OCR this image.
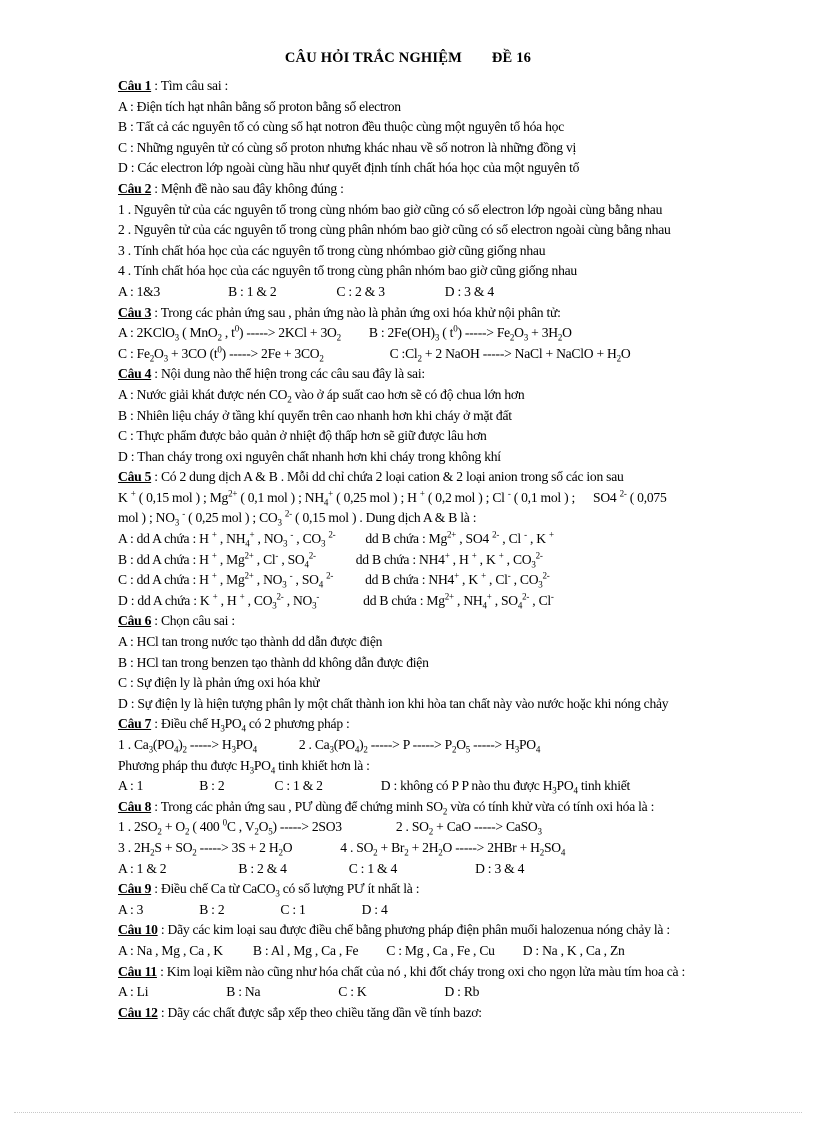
CÂU HỎI TRẮC NGHIỆM ĐỀ 16
Câu 1 : Tìm câu sai :
A : Điện tích hạt nhân bằng số proton bằng số electron
B : Tất cả các nguyên tố có cùng số hạt notron đều thuộc cùng một nguyên tố hóa học
C : Những nguyên tử có cùng số proton nhưng khác nhau về số notron là những đồng vị
D : Các electron lớp ngoài cùng hầu như quyết định tính chất hóa học của một nguyên tố
Câu 2 : Mệnh đề nào sau đây không đúng :
1 . Nguyên tử của các nguyên tố trong cùng nhóm bao giờ cũng có số electron lớp ngoài cùng bằng nhau
2 . Nguyên tử của các nguyên tố trong cùng phân nhóm bao giờ cũng có số electron ngoài cùng bằng nhau
3 . Tính chất hóa học của các nguyên tố trong cùng nhómbao giờ cũng giống nhau
4 . Tính chất hóa học của các nguyên tố trong cùng phân nhóm bao giờ cũng giống nhau
A : 1&3	B : 1 & 2	C : 2 & 3	D : 3 & 4
Câu 3 : Trong các phản ứng sau , phản ứng nào là phản ứng oxi hóa khử nội phân tử:
A : 2KClO$_3$ ( MnO$_2$ , $t^0$) -----> $2KCl + 3O_2$ B : $2Fe(OH)_3$ ( $t^0$) -----> $Fe_2O_3 + 3H_2O$
C : $Fe_2O_3 + 3CO$ $(t^0)$ -----> $2Fe + 3CO_2$	C $:Cl_2 + 2$ NaOH -----> NaCl + NaClO + $H_2O$
Câu 4 : Nội dung nào thể hiện trong các câu sau đây là sai:
A : Nước giải khát được nén $CO_2$ vào ở áp suất cao hơn sẽ có độ chua lớn hơn
B : Nhiên liệu cháy ở tầng khí quyển trên cao nhanh hơn khi cháy ở mặt đất
C : Thực phẩm được bảo quản ở nhiệt độ thấp hơn sẽ giữ được lâu hơn
D : Than cháy trong oxi nguyên chất nhanh hơn khi cháy trong không khí
Câu 5 : Có 2 dung dịch A & B . Mỗi dd chỉ chứa 2 loại cation & 2 loại anion trong số các ion sau
K + ( 0,15 mol ) ; $Mg^{2+}$ ( 0,1 mol ) ; $NH_4^+$ ( 0,25 mol ) ; H + ( 0,2 mol ) ; Cl - ( 0,1 mol ) ; SO4 $^{2-}$ ( 0,075
mol ) ; $NO_3$ - ( 0,25 mol ) ; $CO_3$ $^{2-}$ ( 0,15 mol ) . Dung dịch A & B là :
A : dd A chứa : H + , $NH_4^+$ , $NO_3$ - , $CO_3$ $^{2-}$ dd B chứa : $Mg^{2+}$ , SO4 $^{2-}$ , Cl - , K +
B : dd A chứa : H + , $Mg^{2+}$ , Cl- , $SO_4^{2-}$	dd B chứa : NH4+ , H + , K + , $CO_3^{2-}$
C : dd A chứa : H + , $Mg^{2+}$ , $NO_3$ - , $SO_4$ $^{2-}$ dd B chứa : NH4+ , K + , Cl- , $CO_3^{2-}$
D : dd A chứa : K + , H + , $CO_3^{2-}$ , $NO_3^-$	dd B chứa : $Mg^{2+}$ , $NH_4^+$ , $SO_4^{2-}$ , Cl-
Câu 6 : Chọn câu sai :
A : HCl tan trong nước tạo thành dd dẫn được điện
B : HCl tan trong benzen tạo thành dd không dẫn được điện
C : Sự điện ly là phản ứng oxi hóa khử
D : Sự điện ly là hiện tượng phân ly một chất thành ion khi hòa tan chất này vào nước hoặc khi nóng chảy
Câu 7 : Điều chế $H_3PO_4$ có 2 phương pháp :
1 . $Ca_3(PO_4)_2$ -----> $H_3PO_4$	2 . $Ca_3(PO_4)_2$ -----> P -----> $P_2O_5$ -----> $H_3PO_4$
Phương pháp thu được $H_3PO_4$ tinh khiết hơn là :
A : 1	B : 2	C : 1 & 2	D : không có P P nào thu được $H_3PO_4$ tinh khiết
Câu 8 : Trong các phản ứng sau , PƯ dùng để chứng minh $SO_2$ vừa có tính khử vừa có tính oxi hóa là :
1 . $2SO_2 + O_2$ ( 400 $^0$C , $V_2O_5$) -----> 2SO3	2 . $SO_2$ + CaO -----> CaSO$_3$
3 . $2H_2S + SO_2$ -----> 3S + 2 $H_2O$	4 . $SO_2 + Br_2 + 2H_2O$ -----> $2HBr + H_2SO_4$
A : 1 & 2	B : 2 & 4	C : 1 & 4	D : 3 & 4
Câu 9 : Điều chế Ca từ CaCO$_3$ có số lượng PƯ ít nhất là :
A : 3	B : 2	C : 1	D : 4
Câu 10 : Dãy các kim loại sau được điều chế bằng phương pháp điện phân muối halozenua nóng chảy là :
A : Na , Mg , Ca , K B : Al , Mg , Ca , Fe C : Mg , Ca , Fe , Cu D : Na , K , Ca , Zn
Câu 11 : Kim loại kiềm nào cũng như hóa chất của nó , khi đốt cháy trong oxi cho ngọn lửa màu tím hoa cà :
A : Li	B : Na	C : K	D : Rb
Câu 12 : Dãy các chất được sắp xếp theo chiều tăng dần về tính bazơ:
